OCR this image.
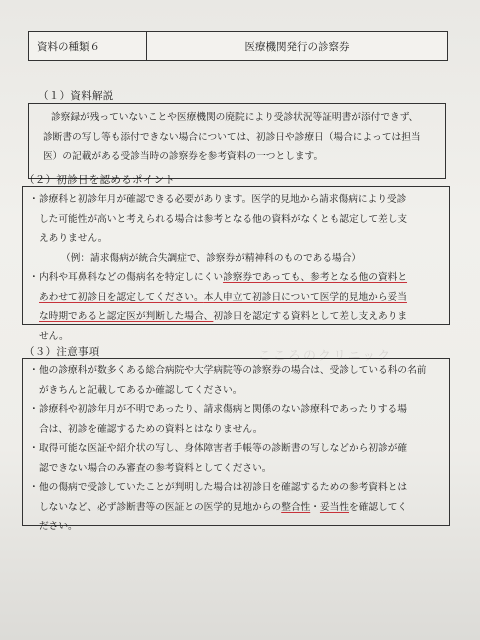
資料の種類６	医療機関発行の診察券
（１）資料解説
診察録が残っていないことや医療機関の廃院により受診状況等証明書が添付できず、
診断書の写し等も添付できない場合については、初診日や診療日（場合によっては担当
医）の記載がある受診当時の診察券を参考資料の一つとします。
（２）初診日を認めるポイント
・ 診療科と初診年月が確認できる必要があります。医学的見地から請求傷病により受診
した可能性が高いと考えられる場合は参考となる他の資料がなくとも認定して差し支
えありません。
（例：請求傷病が統合失調症で、診察券が精神科のものである場合）
・ 内科や耳鼻科などの傷病名を特定しにくい診察券であっても、参考となる他の資料と
あわせて初診日を認定してください。本人申立て初診日について医学的見地から妥当
な時期であると認定医が判断した場合、初診日を認定する資料として差し支えありま
せん。
こころのクリニック
（３）注意事項
・ 他の診療科が数多くある総合病院や大学病院等の診察券の場合は、受診している科の名前
がきちんと記載してあるか確認してください。
・ 診療科や初診年月が不明であったり、請求傷病と関係のない診療科であったりする場
合は、初診を確認するための資料とはなりません。
・ 取得可能な医証や紹介状の写し、身体障害者手帳等の診断書の写しなどから初診が確
認できない場合のみ審査の参考資料としてください。
・ 他の傷病で受診していたことが判明した場合は初診日を確認するための参考資料とは
しないなど、必ず診断書等の医証との医学的見地からの整合性・妥当性を確認してく
ださい。
